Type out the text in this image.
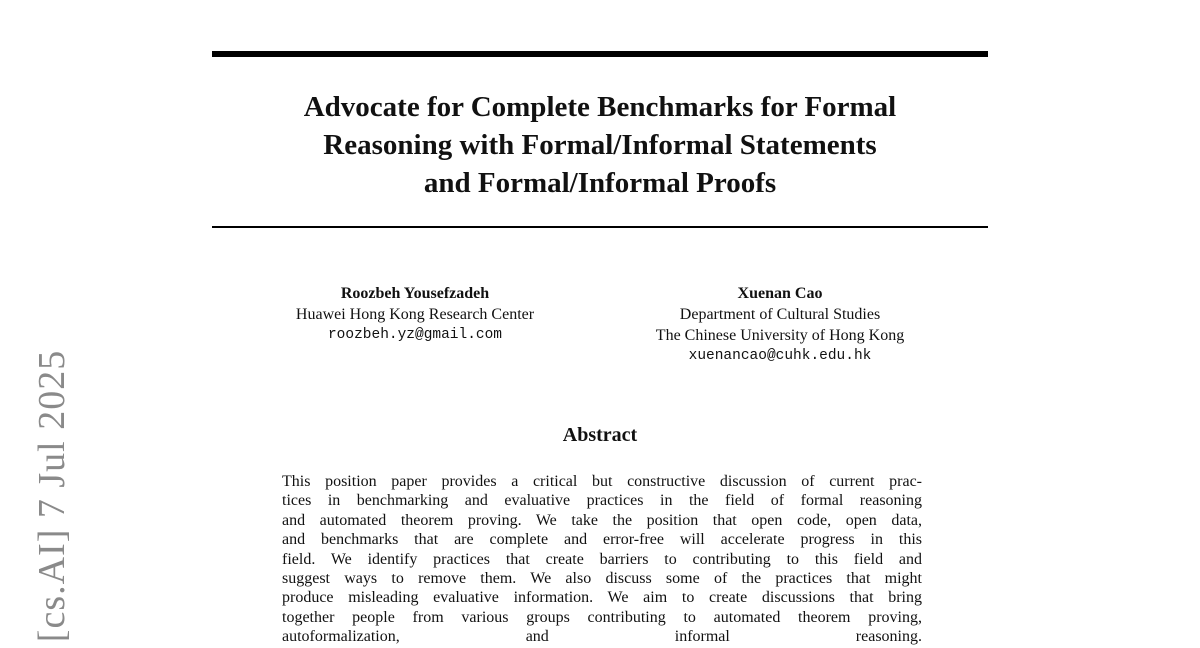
Advocate for Complete Benchmarks for Formal
Reasoning with Formal/Informal Statements
and Formal/Informal Proofs
Roozbeh Yousefzadeh
Huawei Hong Kong Research Center
roozbeh.yz@gmail.com
Xuenan Cao
Department of Cultural Studies
The Chinese University of Hong Kong
xuenancao@cuhk.edu.hk
Abstract

This position paper provides a critical but constructive discussion of current prac-
tices in benchmarking and evaluative practices in the field of formal reasoning
and automated theorem proving. We take the position that open code, open data,
and benchmarks that are complete and error-free will accelerate progress in this
field. We identify practices that create barriers to contributing to this field and
suggest ways to remove them. We also discuss some of the practices that might
produce misleading evaluative information. We aim to create discussions that bring
together people from various groups contributing to automated theorem proving,
autoformalization, and informal reasoning.

[cs.AI] 7 Jul 2025
